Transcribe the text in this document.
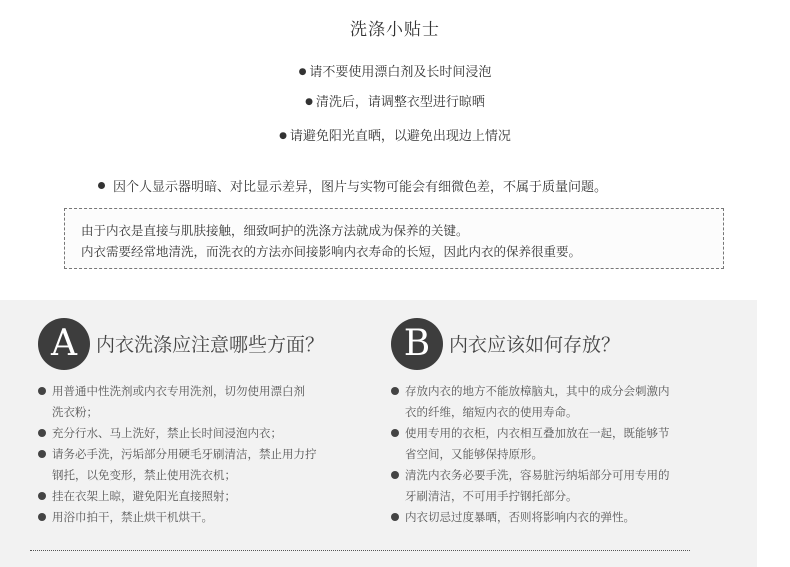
洗涤小贴士
● 请不要使用漂白剂及长时间浸泡
● 清洗后，请调整衣型进行晾晒
● 请避免阳光直晒，以避免出现边上情况
因个人显示器明暗、对比显示差异，图片与实物可能会有细微色差，不属于质量问题。
由于内衣是直接与肌肤接触，细致呵护的洗涤方法就成为保养的关键。
内衣需要经常地清洗，而洗衣的方法亦间接影响内衣寿命的长短，因此内衣的保养很重要。
A	内衣洗涤应注意哪些方面？
用普通中性洗剂或内衣专用洗剂，切勿使用漂白剂
洗衣粉；
充分行水、马上洗好，禁止长时间浸泡内衣；
请务必手洗，污垢部分用硬毛牙刷清洁，禁止用力拧
钢托，以免变形，禁止使用洗衣机；
挂在衣架上晾，避免阳光直接照射；
用浴巾拍干，禁止烘干机烘干。
B 内衣应该如何存放？
存放内衣的地方不能放樟脑丸，其中的成分会刺激内
衣的纤维，缩短内衣的使用寿命。
使用专用的衣柜，内衣相互叠加放在一起，既能够节
省空间，又能够保持原形。
清洗内衣务必要手洗，容易脏污纳垢部分可用专用的
牙刷清洁，不可用手拧钢托部分。
内衣切忌过度暴晒，否则将影响内衣的弹性。
